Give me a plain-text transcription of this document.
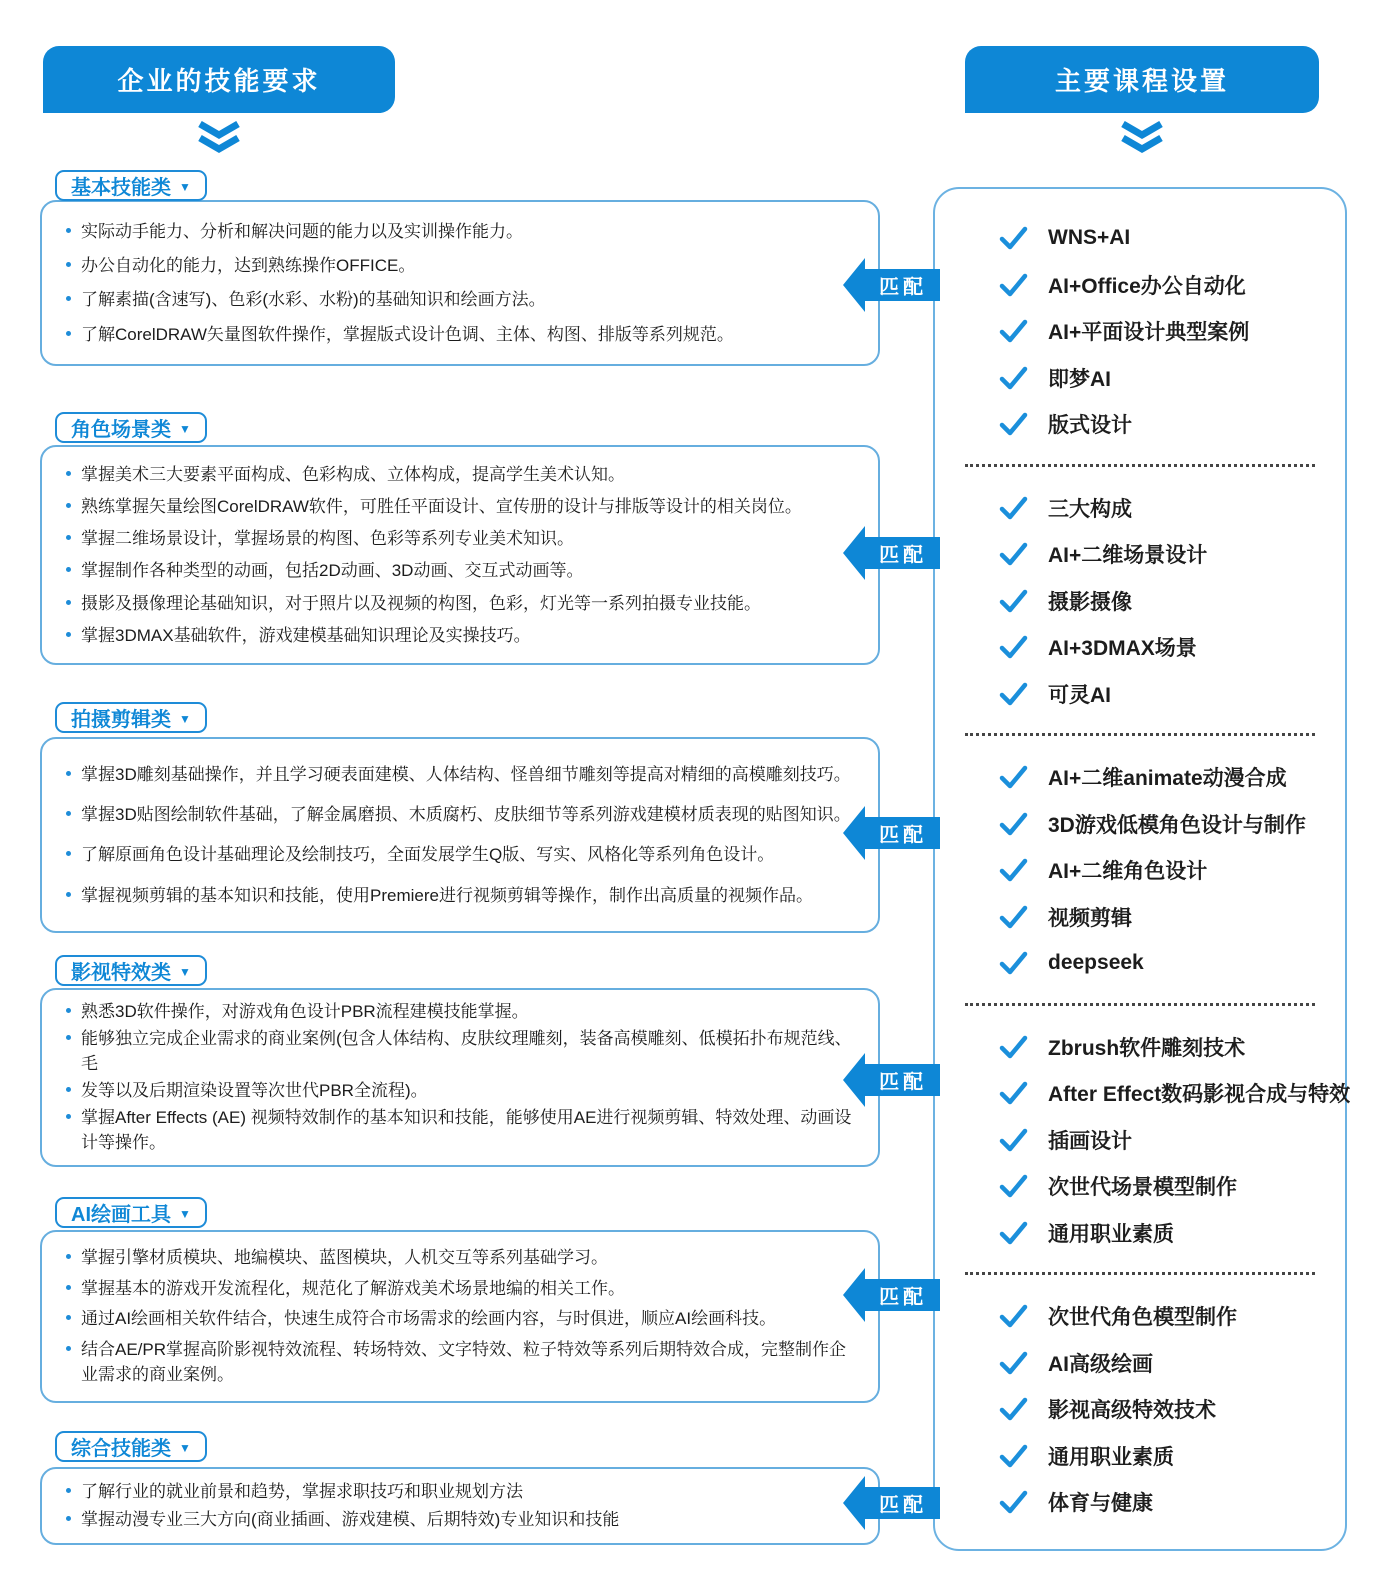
企业的技能要求	主要课程设置
基本技能类 ▼
实际动手能力、分析和解决问题的能力以及实训操作能力。
办公自动化的能力，达到熟练操作OFFICE。
了解素描(含速写)、色彩(水彩、水粉)的基础知识和绘画方法。
了解CorelDRAW矢量图软件操作，掌握版式设计色调、主体、构图、排版等系列规范。
角色场景类 ▼
掌握美术三大要素平面构成、色彩构成、立体构成，提高学生美术认知。
熟练掌握矢量绘图CorelDRAW软件，可胜任平面设计、宣传册的设计与排版等设计的相关岗位。
掌握二维场景设计，掌握场景的构图、色彩等系列专业美术知识。
掌握制作各种类型的动画，包括2D动画、3D动画、交互式动画等。
摄影及摄像理论基础知识，对于照片以及视频的构图，色彩，灯光等一系列拍摄专业技能。
掌握3DMAX基础软件，游戏建模基础知识理论及实操技巧。
拍摄剪辑类 ▼
掌握3D雕刻基础操作，并且学习硬表面建模、人体结构、怪兽细节雕刻等提高对精细的高模雕刻技巧。
掌握3D贴图绘制软件基础，了解金属磨损、木质腐朽、皮肤细节等系列游戏建模材质表现的贴图知识。
了解原画角色设计基础理论及绘制技巧，全面发展学生Q版、写实、风格化等系列角色设计。
掌握视频剪辑的基本知识和技能，使用Premiere进行视频剪辑等操作，制作出高质量的视频作品。
影视特效类 ▼
熟悉3D软件操作，对游戏角色设计PBR流程建模技能掌握。
能够独立完成企业需求的商业案例(包含人体结构、皮肤纹理雕刻，装备高模雕刻、低模拓扑布规范线、毛
发等以及后期渲染设置等次世代PBR全流程)。
掌握After Effects (AE) 视频特效制作的基本知识和技能，能够使用AE进行视频剪辑、特效处理、动画设计等操作。
AI绘画工具 ▼
掌握引擎材质模块、地编模块、蓝图模块，人机交互等系列基础学习。
掌握基本的游戏开发流程化，规范化了解游戏美术场景地编的相关工作。
通过AI绘画相关软件结合，快速生成符合市场需求的绘画内容，与时俱进，顺应AI绘画科技。
结合AE/PR掌握高阶影视特效流程、转场特效、文字特效、粒子特效等系列后期特效合成，完整制作企业需求的商业案例。
综合技能类 ▼
了解行业的就业前景和趋势，掌握求职技巧和职业规划方法
掌握动漫专业三大方向(商业插画、游戏建模、后期特效)专业知识和技能
WNS+AI
AI+Office办公自动化
AI+平面设计典型案例
即梦AI
版式设计
三大构成
AI+二维场景设计
摄影摄像
AI+3DMAX场景
可灵AI
AI+二维animate动漫合成
3D游戏低模角色设计与制作
AI+二维角色设计
视频剪辑
deepseek
Zbrush软件雕刻技术
After Effect数码影视合成与特效
插画设计
次世代场景模型制作
通用职业素质
次世代角色模型制作
AI高级绘画
影视高级特效技术
通用职业素质
体育与健康
匹配
匹配
匹配
匹配
匹配
匹配
